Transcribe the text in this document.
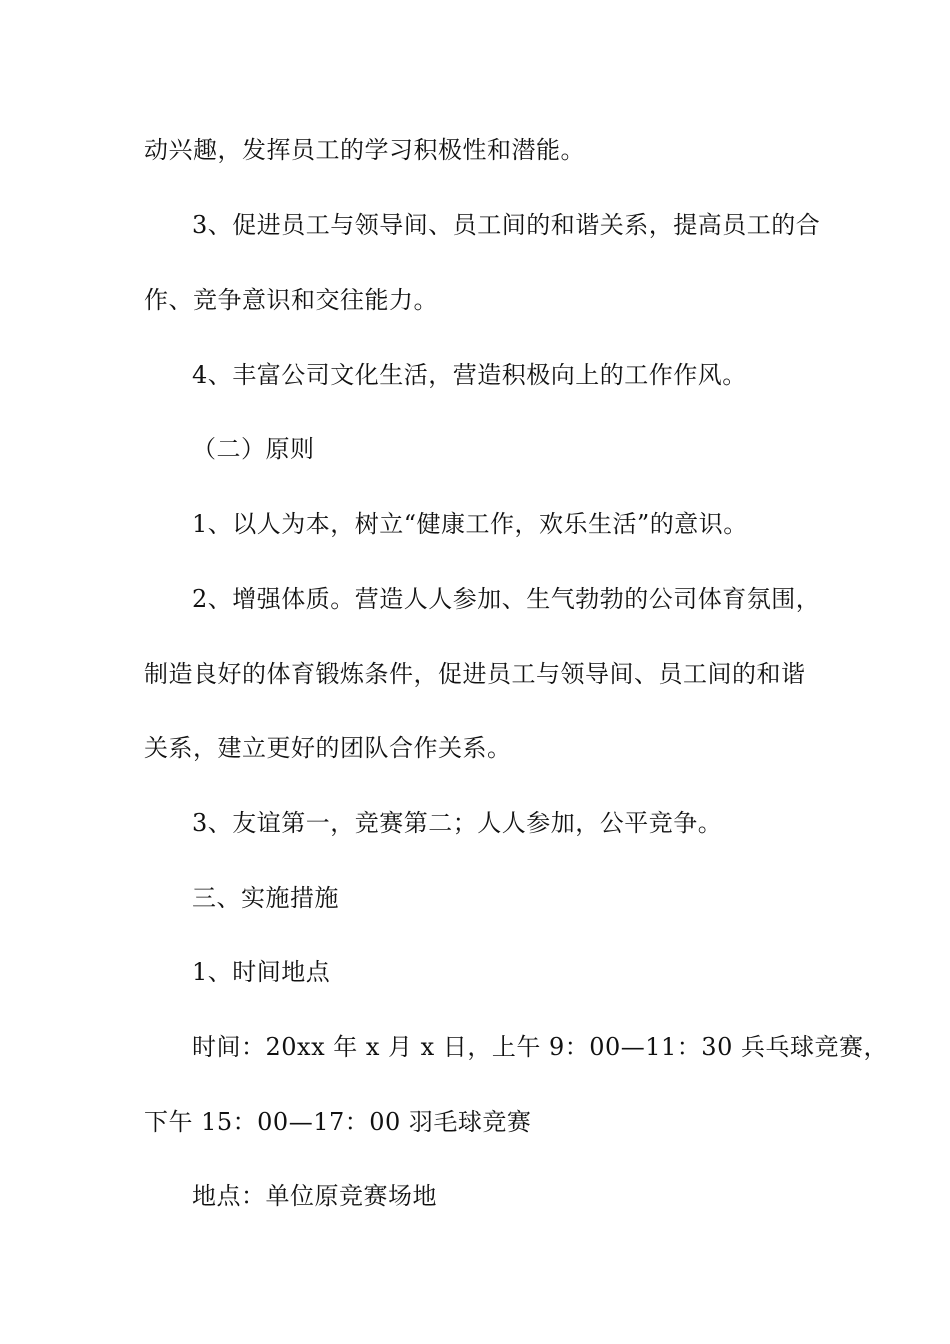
动兴趣，发挥员工的学习积极性和潜能。

3、促进员工与领导间、员工间的和谐关系，提高员工的合

作、竞争意识和交往能力。

4、丰富公司文化生活，营造积极向上的工作作风。

（二）原则

1、以人为本，树立“健康工作，欢乐生活”的意识。

2、增强体质。营造人人参加、生气勃勃的公司体育氛围，

制造良好的体育锻炼条件，促进员工与领导间、员工间的和谐

关系，建立更好的团队合作关系。

3、友谊第一，竞赛第二；人人参加，公平竞争。

三、实施措施

1、时间地点

时间：20xx 年 x 月 x 日，上午 9：00—11：30 兵乓球竞赛，

下午 15：00—17：00 羽毛球竞赛

地点：单位原竞赛场地
